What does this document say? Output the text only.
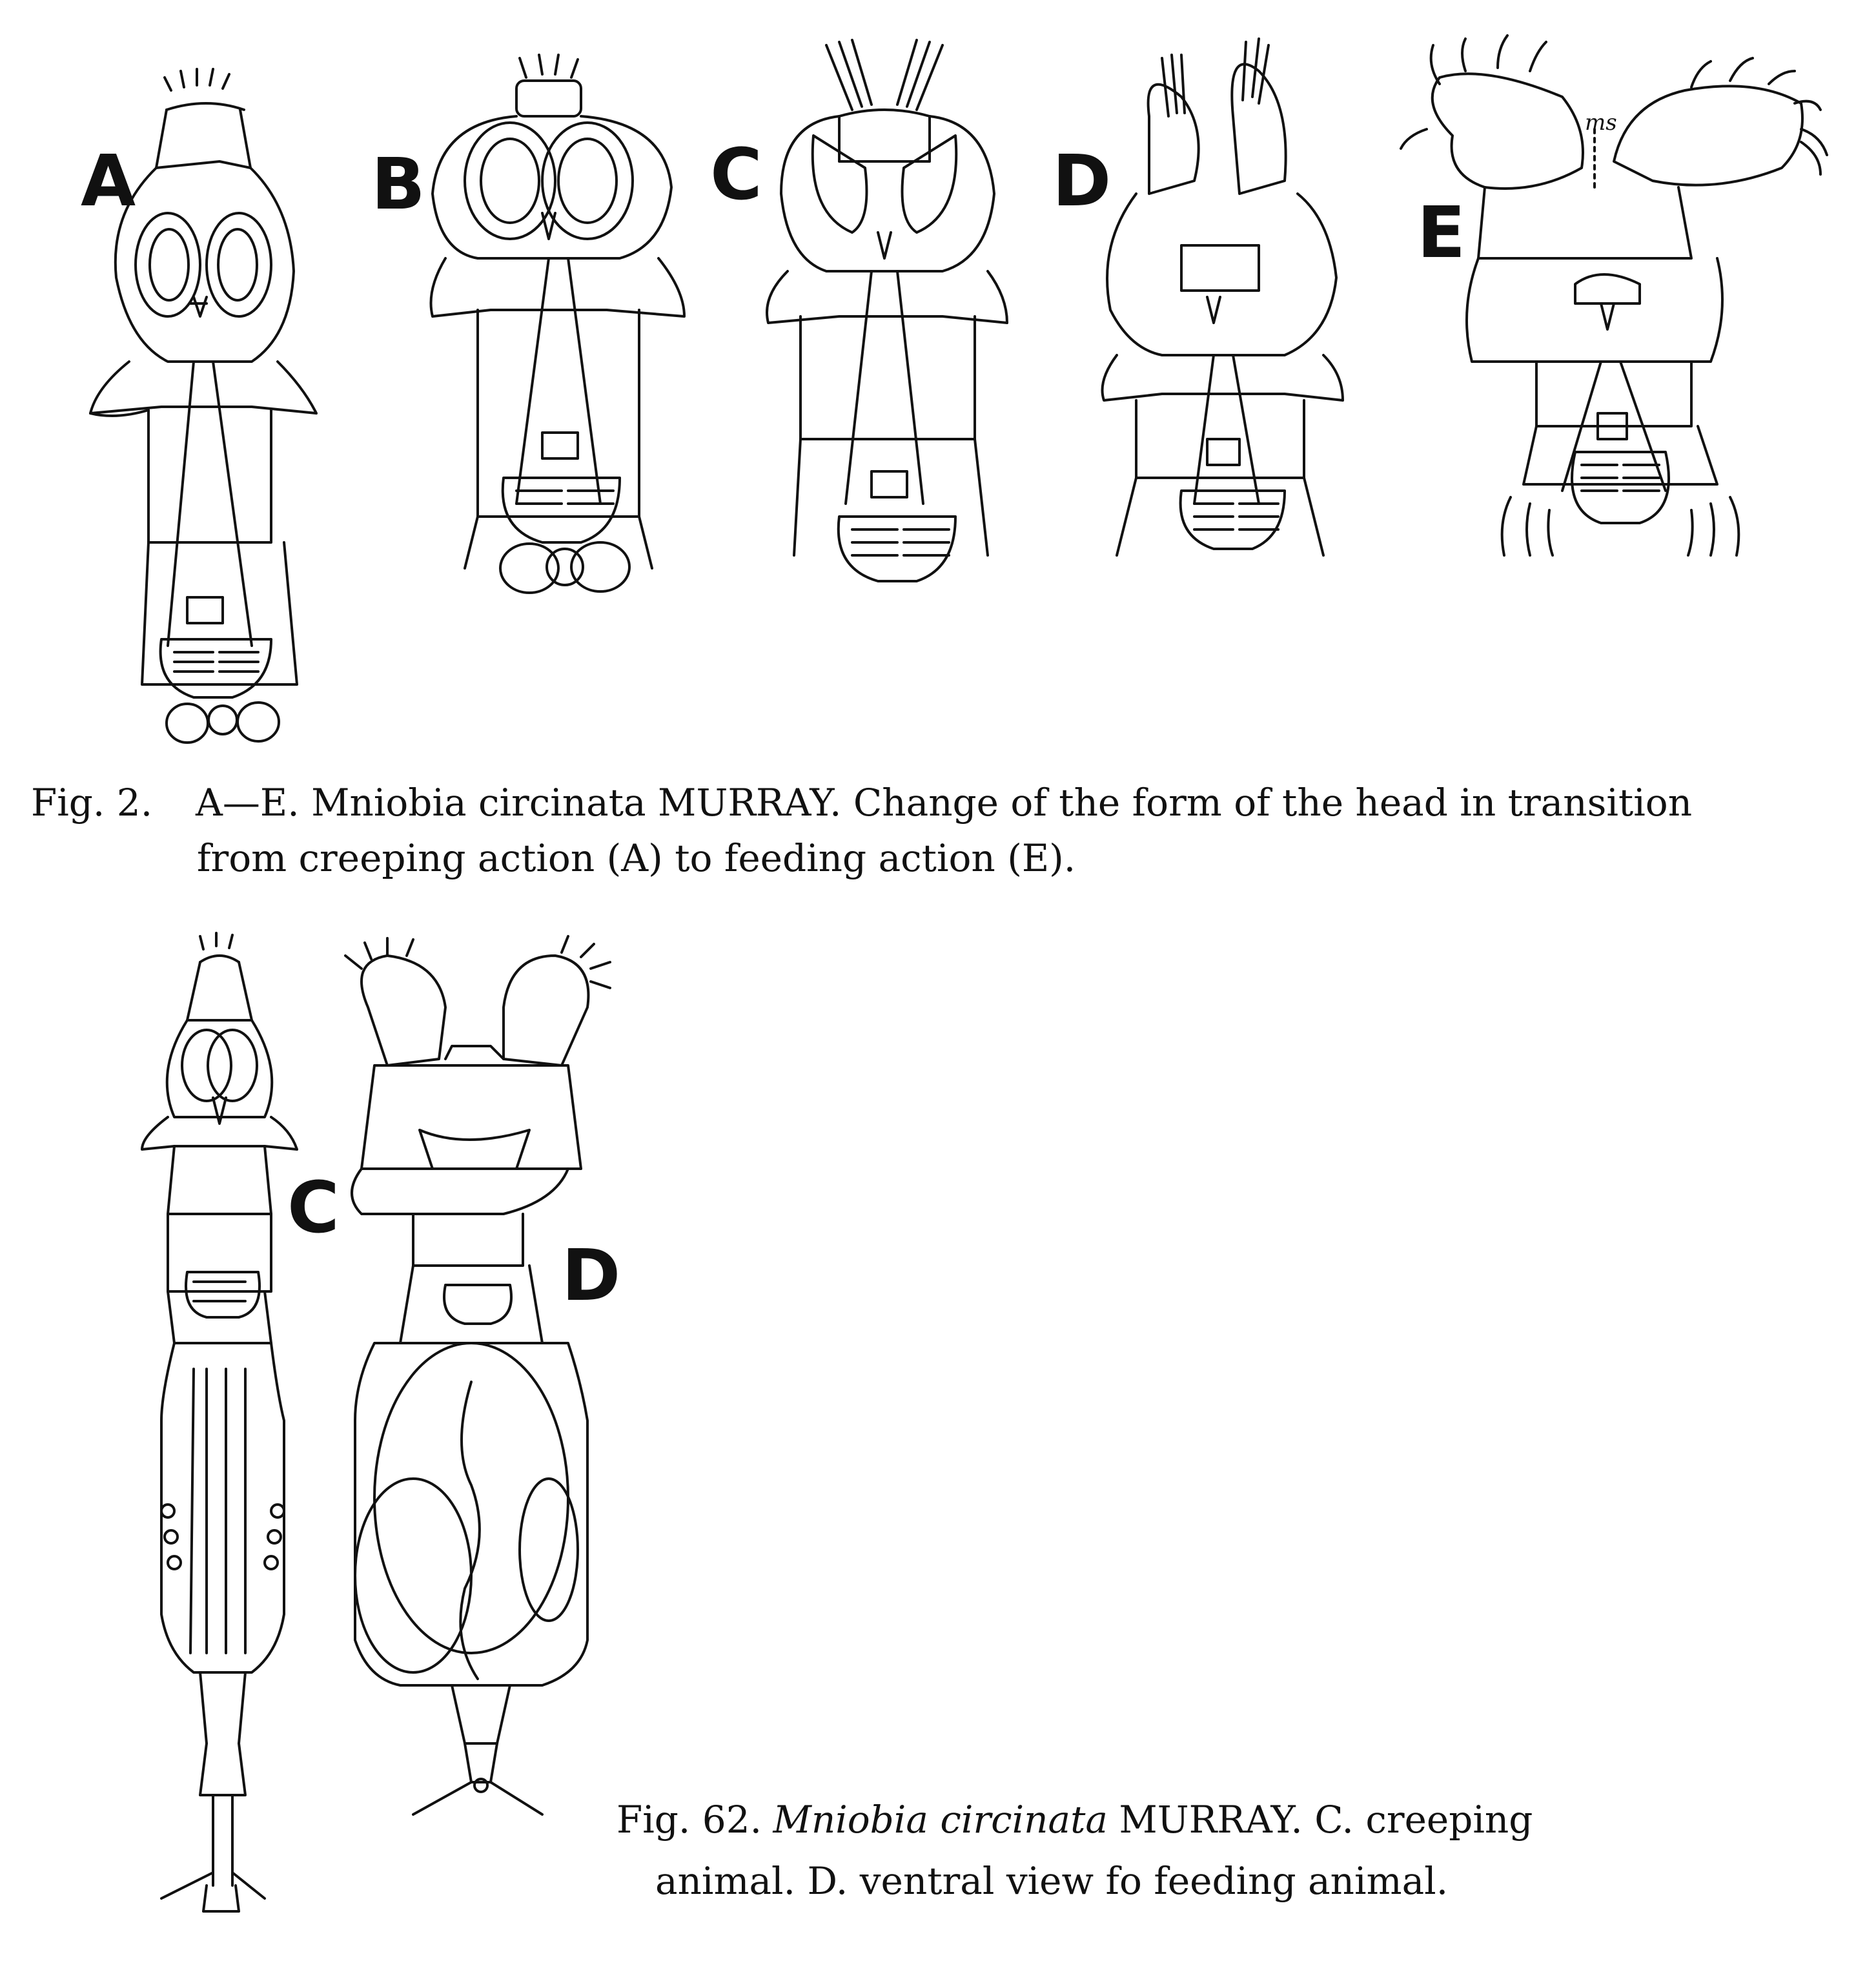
A	B	C	D
E
ms
Fig. 2. A—E. Mniobia circinata MURRAY. Change of the form of the head in transition
from creeping action (A) to feeding action (E).
C
D
Fig. 62. Mniobia circinata MURRAY. C. creeping
animal. D. ventral view fo feeding animal.
